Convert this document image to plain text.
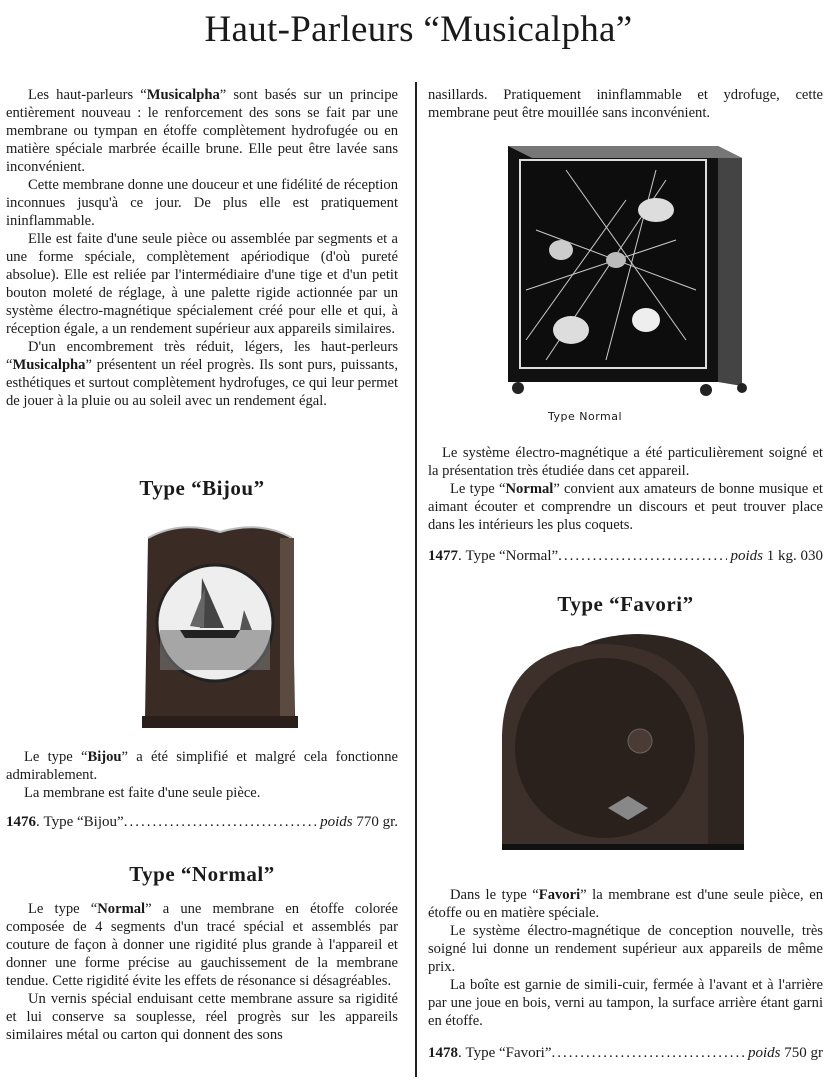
Haut-Parleurs “Musicalpha”

Les haut-parleurs “Musicalpha” sont basés sur un principe entièrement nouveau : le renforcement des sons se fait par une membrane ou tympan en étoffe complètement hydrofugée ou en matière spéciale marbrée écaille brune. Elle peut être lavée sans inconvénient.

Cette membrane donne une douceur et une fidélité de réception inconnues jusqu'à ce jour. De plus elle est pratiquement ininflammable.

Elle est faite d'une seule pièce ou assemblée par segments et a une forme spéciale, complètement apériodique (d'où pureté absolue). Elle est reliée par l'intermédiaire d'une tige et d'un petit bouton moleté de réglage, à une palette rigide actionnée par un système électro-magnétique spécialement créé pour elle et qui, à réception égale, a un rendement supérieur aux appareils similaires.

D'un encombrement très réduit, légers, les haut-perleurs “Musicalpha” présentent un réel progrès. Ils sont purs, puissants, esthétiques et surtout complètement hydrofuges, ce qui leur permet de jouer à la pluie ou au soleil avec un rendement égal.

Type “Bijou”

Le type “Bijou” a été simplifié et malgré cela fonctionne admirablement.

La membrane est faite d'une seule pièce.

1476 . Type “Bijou” .....
	poids
770 gr.
Type “Normal”

Le type “Normal” a une membrane en étoffe colorée composée de 4 segments d'un tracé spécial et assemblés par couture de façon à donner une rigidité plus grande à l'appareil et donner une forme précise au gauchissement de la membrane tendue. Cette rigidité évite les effets de résonance si désagréables.

Un vernis spécial enduisant cette membrane assure sa rigidité et lui conserve sa souplesse, réel progrès sur les appareils similaires métal ou carton qui donnent des sons

nasillards. Pratiquement ininflammable et ydrofuge, cette membrane peut être mouillée sans inconvénient.

Type Normal

Le système électro-magnétique a été particulièrement soigné et la présentation très étudiée dans cet appareil.

Le type “Normal” convient aux amateurs de bonne musique et aimant écouter et comprendre un discours et peut trouver place dans les intérieurs les plus coquets.

1477 . Type “Normal” .....
	poids
1 kg. 030
Type “Favori”

Dans le type “Favori” la membrane est d'une seule pièce, en étoffe ou en matière spéciale.

Le système électro-magnétique de conception nouvelle, très soigné lui donne un rendement supérieur aux appareils de même prix.

La boîte est garnie de simili-cuir, fermée à l'avant et à l'arrière par une joue en bois, verni au tampon, la surface arrière étant garni en étoffe.

1478 . Type “Favori” .....
	poids
750 gr
